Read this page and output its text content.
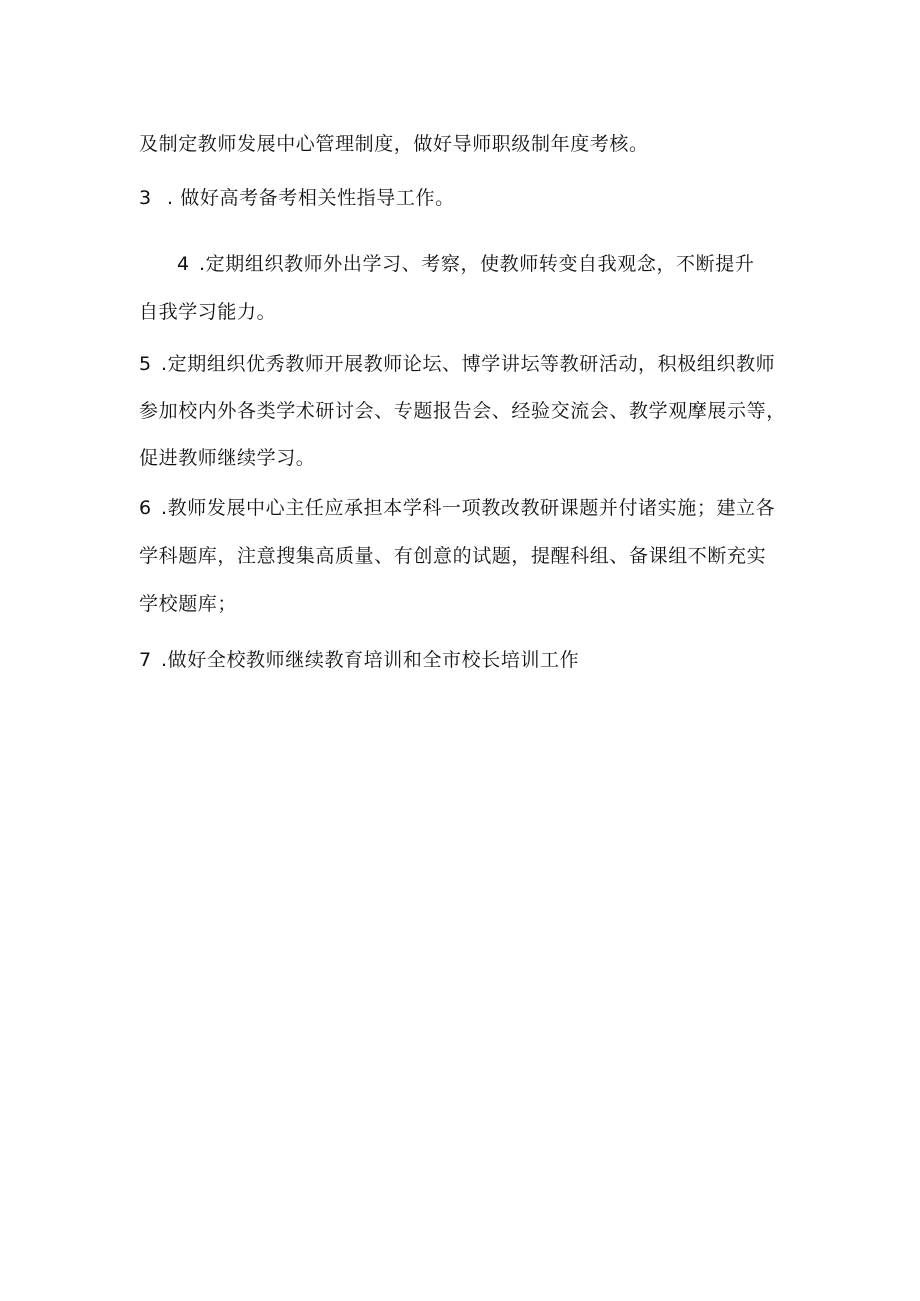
及制定教师发展中心管理制度，做好导师职级制年度考核。
3 . 做好高考备考相关性指导工作。
4 .定期组织教师外出学习、考察，使教师转变自我观念，不断提升
自我学习能力。
5 .定期组织优秀教师开展教师论坛、博学讲坛等教研活动，积极组织教师
参加校内外各类学术研讨会、专题报告会、经验交流会、教学观摩展示等，
促进教师继续学习。
6 .教师发展中心主任应承担本学科一项教改教研课题并付诸实施；建立各
学科题库，注意搜集高质量、有创意的试题，提醒科组、备课组不断充实
学校题库；
7 .做好全校教师继续教育培训和全市校长培训工作
